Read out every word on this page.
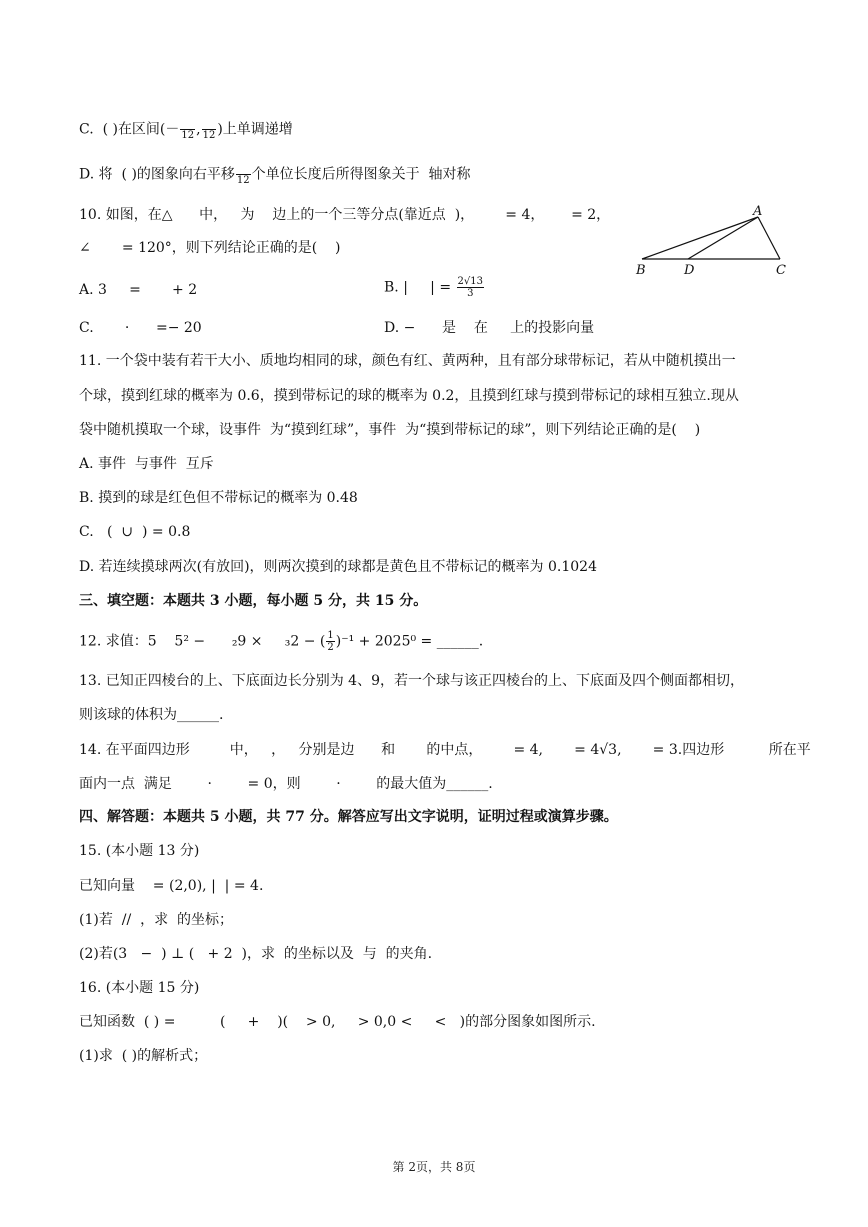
C.  ( )在区间(－ 12 , 12 )上单调递增
D. 将  ( )的图象向右平移 12 个单位长度后所得图象关于  轴对称
10. 如图，在△      中，   为    边上的一个三等分点(靠近点  )，       = 4，      = 2，
∠       = 120°，则下列结论正确的是(    )
A
B	D	C
A. 3     =       + 2	B. |     | = $\frac{2√13}{3}$
C.       ·      =− 20	D. −      是    在     上的投影向量
11. 一个袋中装有若干大小、质地均相同的球，颜色有红、黄两种，且有部分球带标记，若从中随机摸出一
个球，摸到红球的概率为 0.6，摸到带标记的球的概率为 0.2，且摸到红球与摸到带标记的球相互独立.现从
袋中随机摸取一个球，设事件  为“摸到红球”，事件  为“摸到带标记的球”，则下列结论正确的是(    )
A. 事件  与事件  互斥
B. 摸到的球是红色但不带标记的概率为 0.48
C.   (  ∪  ) = 0.8
D. 若连续摸球两次(有放回)，则两次摸到的球都是黄色且不带标记的概率为 0.1024
三、填空题：本题共 3 小题，每小题 5 分，共 15 分。
12. 求值：5    5² −      ₂9 ×     ₃2 − ( $\frac{1}{2} )^{-1} + 2025^0$ = ______.
13. 已知正四棱台的上、下底面边长分别为 4、9，若一个球与该正四棱台的上、下底面及四个侧面都相切，
则该球的体积为______.
14. 在平面四边形         中，   ，   分别是边      和       的中点，       = 4,       = 4√3,       = 3.四边形          所在平
面内一点  满足        ·        = 0，则        ·        的最大值为______.
四、解答题：本题共 5 小题，共 77 分。解答应写出文字说明，证明过程或演算步骤。
15. (本小题 13 分)
已知向量    = (2,0), |  | = 4.
(1)若  //  ，求  的坐标；
(2)若(3   −  ) ⊥ (   + 2  )，求  的坐标以及  与  的夹角.
16. (本小题 15 分)
已知函数  ( ) =          (     +    )(    > 0,     > 0,0 <     <   )的部分图象如图所示.
(1)求  ( )的解析式；
第 2页，共 8页
